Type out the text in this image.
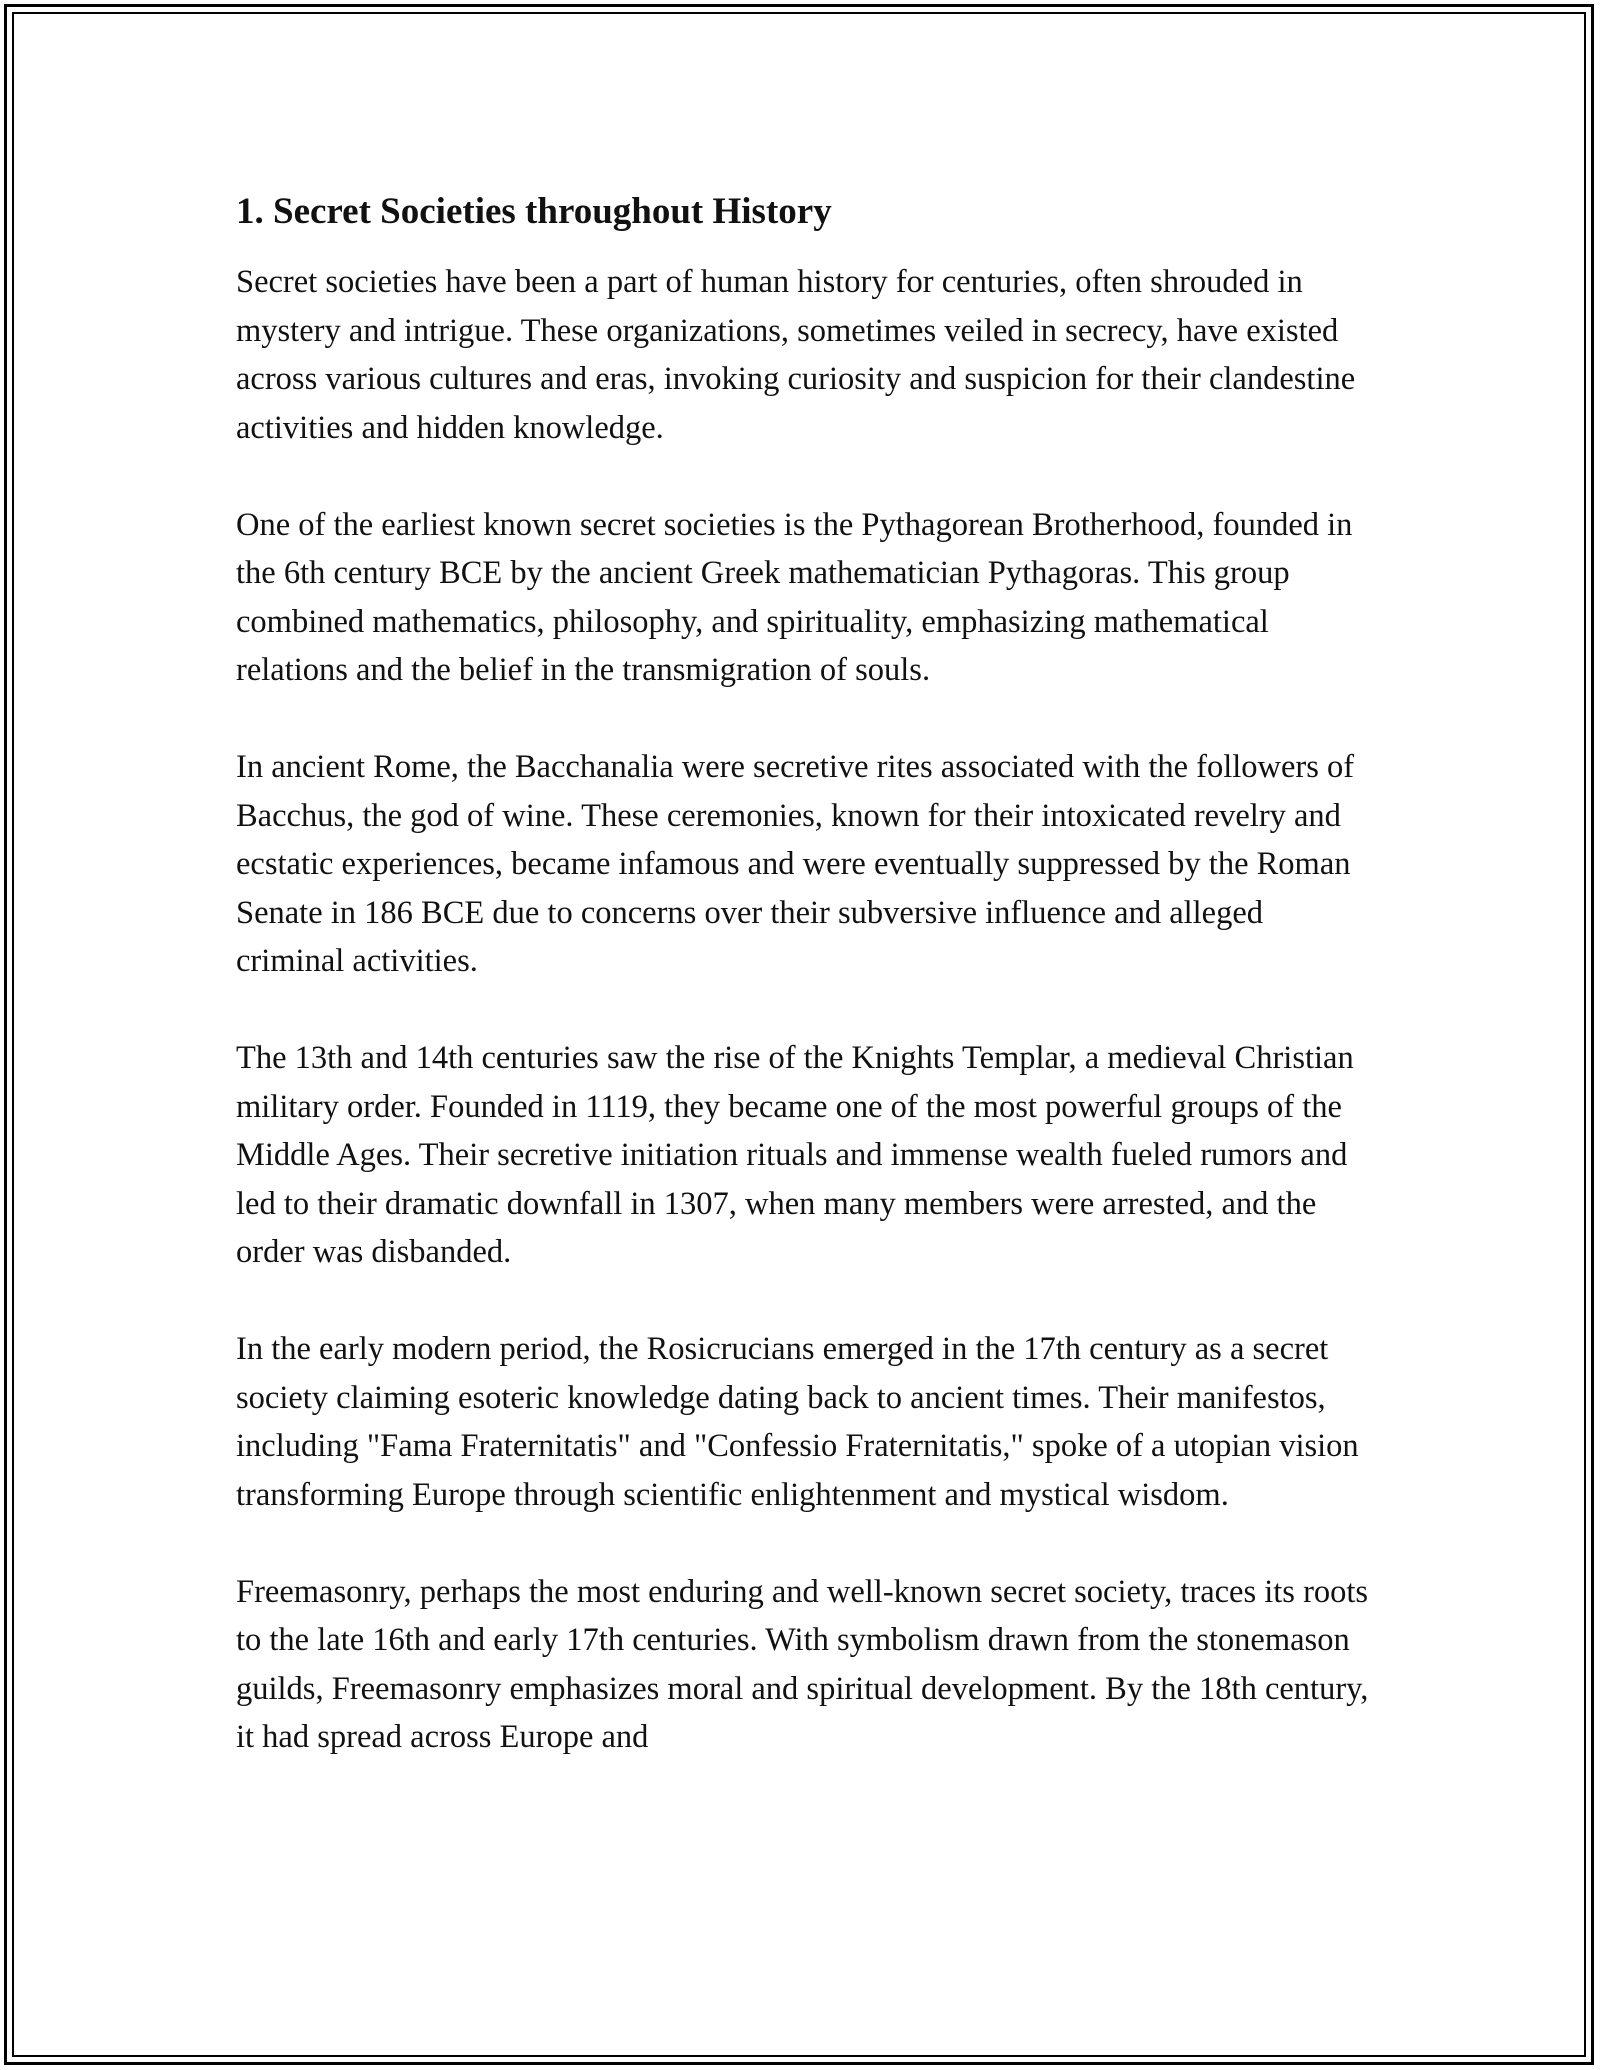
1. Secret Societies throughout History

Secret societies have been a part of human history for centuries, often shrouded in mystery and intrigue. These organizations, sometimes veiled in secrecy, have existed across various cultures and eras, invoking curiosity and suspicion for their clandestine activities and hidden knowledge.

One of the earliest known secret societies is the Pythagorean Brotherhood, founded in the 6th century BCE by the ancient Greek mathematician Pythagoras. This group combined mathematics, philosophy, and spirituality, emphasizing mathematical relations and the belief in the transmigration of souls.

In ancient Rome, the Bacchanalia were secretive rites associated with the followers of Bacchus, the god of wine. These ceremonies, known for their intoxicated revelry and ecstatic experiences, became infamous and were eventually suppressed by the Roman Senate in 186 BCE due to concerns over their subversive influence and alleged criminal activities.

The 13th and 14th centuries saw the rise of the Knights Templar, a medieval Christian military order. Founded in 1119, they became one of the most powerful groups of the Middle Ages. Their secretive initiation rituals and immense wealth fueled rumors and led to their dramatic downfall in 1307, when many members were arrested, and the order was disbanded.

In the early modern period, the Rosicrucians emerged in the 17th century as a secret society claiming esoteric knowledge dating back to ancient times. Their manifestos, including "Fama Fraternitatis" and "Confessio Fraternitatis," spoke of a utopian vision transforming Europe through scientific enlightenment and mystical wisdom.

Freemasonry, perhaps the most enduring and well-known secret society, traces its roots to the late 16th and early 17th centuries. With symbolism drawn from the stonemason guilds, Freemasonry emphasizes moral and spiritual development. By the 18th century, it had spread across Europe and
